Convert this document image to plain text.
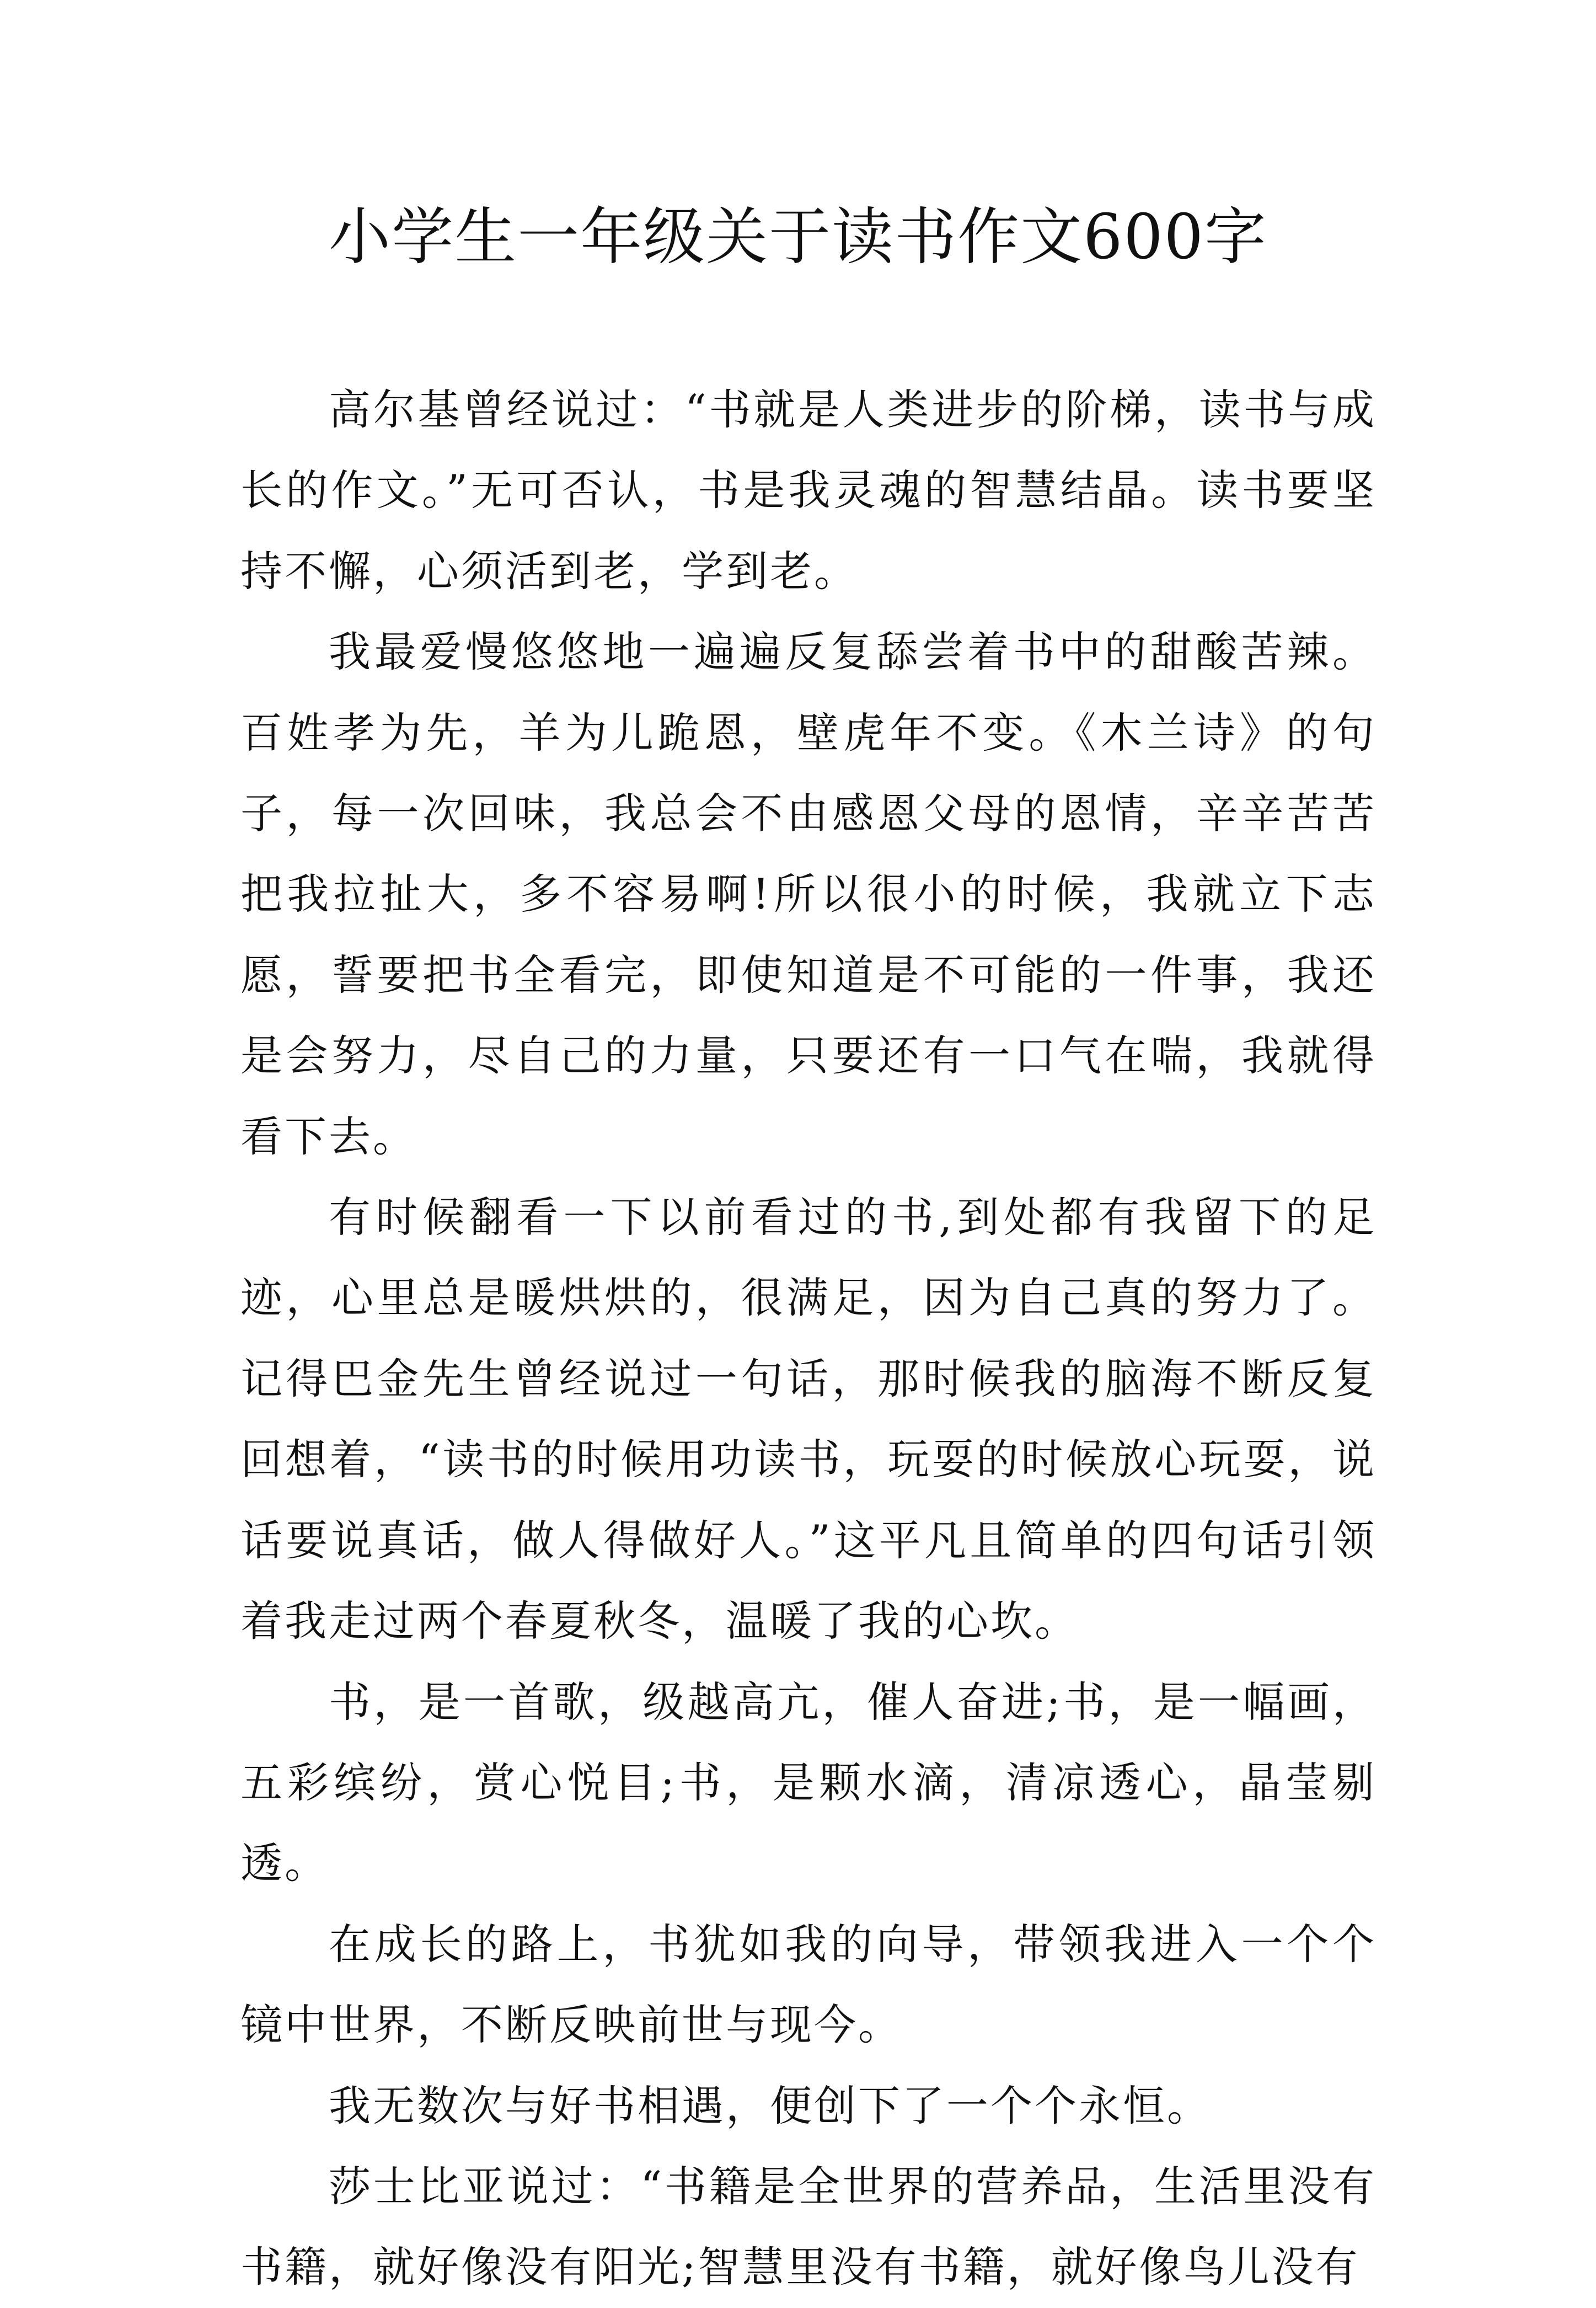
小学生一年级关于读书作文600字

高尔基曾经说过：“书就是人类进步的阶梯，读书与成长的作文。”无可否认，书是我灵魂的智慧结晶。读书要坚持不懈，心须活到老，学到老。

我最爱慢悠悠地一遍遍反复舔尝着书中的甜酸苦辣。百姓孝为先，羊为儿跪恩，壁虎年不变。《木兰诗》的句子，每一次回味，我总会不由感恩父母的恩情，辛辛苦苦把我拉扯大，多不容易啊!所以很小的时候，我就立下志愿，誓要把书全看完，即使知道是不可能的一件事，我还是会努力，尽自己的力量，只要还有一口气在喘，我就得看下去。

有时候翻看一下以前看过的书,到处都有我留下的足迹，心里总是暖烘烘的，很满足，因为自己真的努力了。记得巴金先生曾经说过一句话，那时候我的脑海不断反复回想着，“读书的时候用功读书，玩耍的时候放心玩耍，说话要说真话，做人得做好人。”这平凡且简单的四句话引领着我走过两个春夏秋冬，温暖了我的心坎。

书，是一首歌，级越高亢，催人奋进;书，是一幅画，五彩缤纷，赏心悦目;书，是颗水滴，清凉透心，晶莹剔透。

在成长的路上，书犹如我的向导，带领我进入一个个镜中世界，不断反映前世与现今。

我无数次与好书相遇，便创下了一个个永恒。

莎士比亚说过：“书籍是全世界的营养品，生活里没有书籍，就好像没有阳光;智慧里没有书籍，就好像鸟儿没有
